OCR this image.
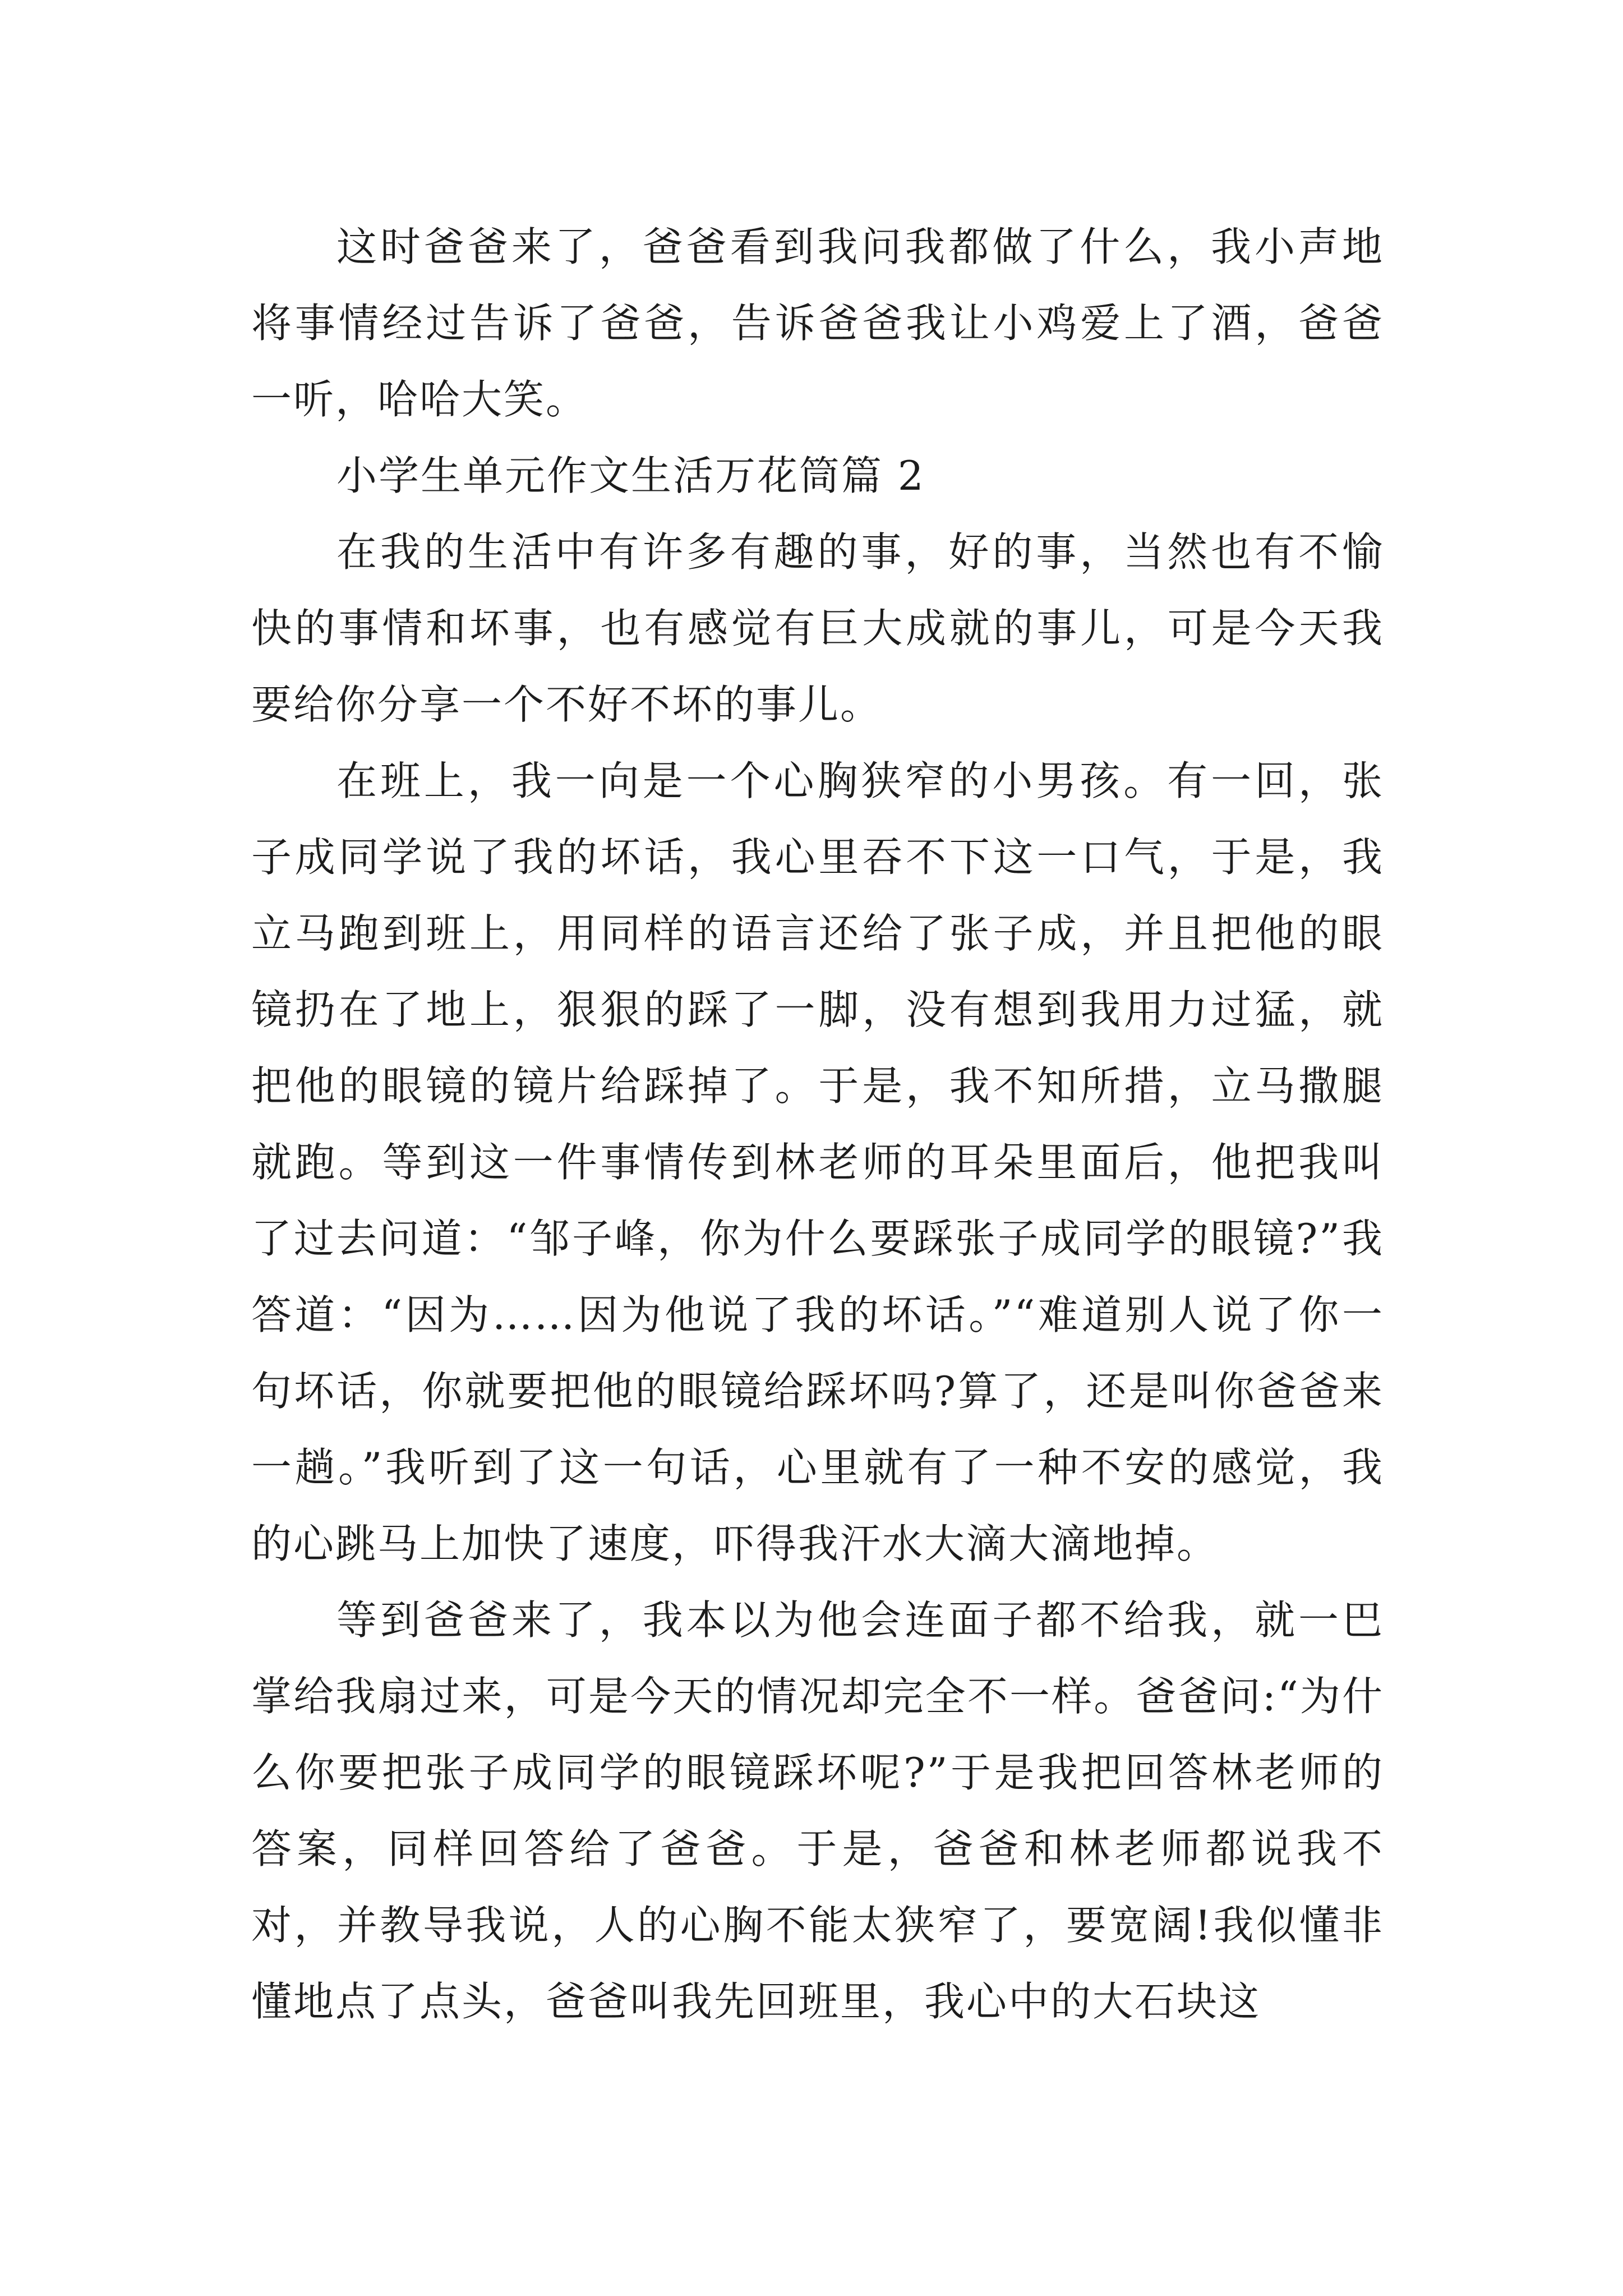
这时爸爸来了，爸爸看到我问我都做了什么，我小声地将事情经过告诉了爸爸，告诉爸爸我让小鸡爱上了酒，爸爸一听，哈哈大笑。

小学生单元作文生活万花筒篇 2

在我的生活中有许多有趣的事，好的事，当然也有不愉快的事情和坏事，也有感觉有巨大成就的事儿，可是今天我要给你分享一个不好不坏的事儿。

在班上，我一向是一个心胸狭窄的小男孩。有一回，张子成同学说了我的坏话，我心里吞不下这一口气，于是，我立马跑到班上，用同样的语言还给了张子成，并且把他的眼镜扔在了地上，狠狠的踩了一脚，没有想到我用力过猛，就把他的眼镜的镜片给踩掉了。于是，我不知所措，立马撒腿就跑。等到这一件事情传到林老师的耳朵里面后，他把我叫了过去问道：“邹子峰，你为什么要踩张子成同学的眼镜?”我答道：“因为……因为他说了我的坏话。”“难道别人说了你一句坏话，你就要把他的眼镜给踩坏吗?算了，还是叫你爸爸来一趟。”我听到了这一句话，心里就有了一种不安的感觉，我的心跳马上加快了速度，吓得我汗水大滴大滴地掉。

等到爸爸来了，我本以为他会连面子都不给我，就一巴掌给我扇过来，可是今天的情况却完全不一样。爸爸问:“为什么你要把张子成同学的眼镜踩坏呢?”于是我把回答林老师的答案，同样回答给了爸爸。于是，爸爸和林老师都说我不对，并教导我说，人的心胸不能太狭窄了，要宽阔!我似懂非懂地点了点头，爸爸叫我先回班里，我心中的大石块这
